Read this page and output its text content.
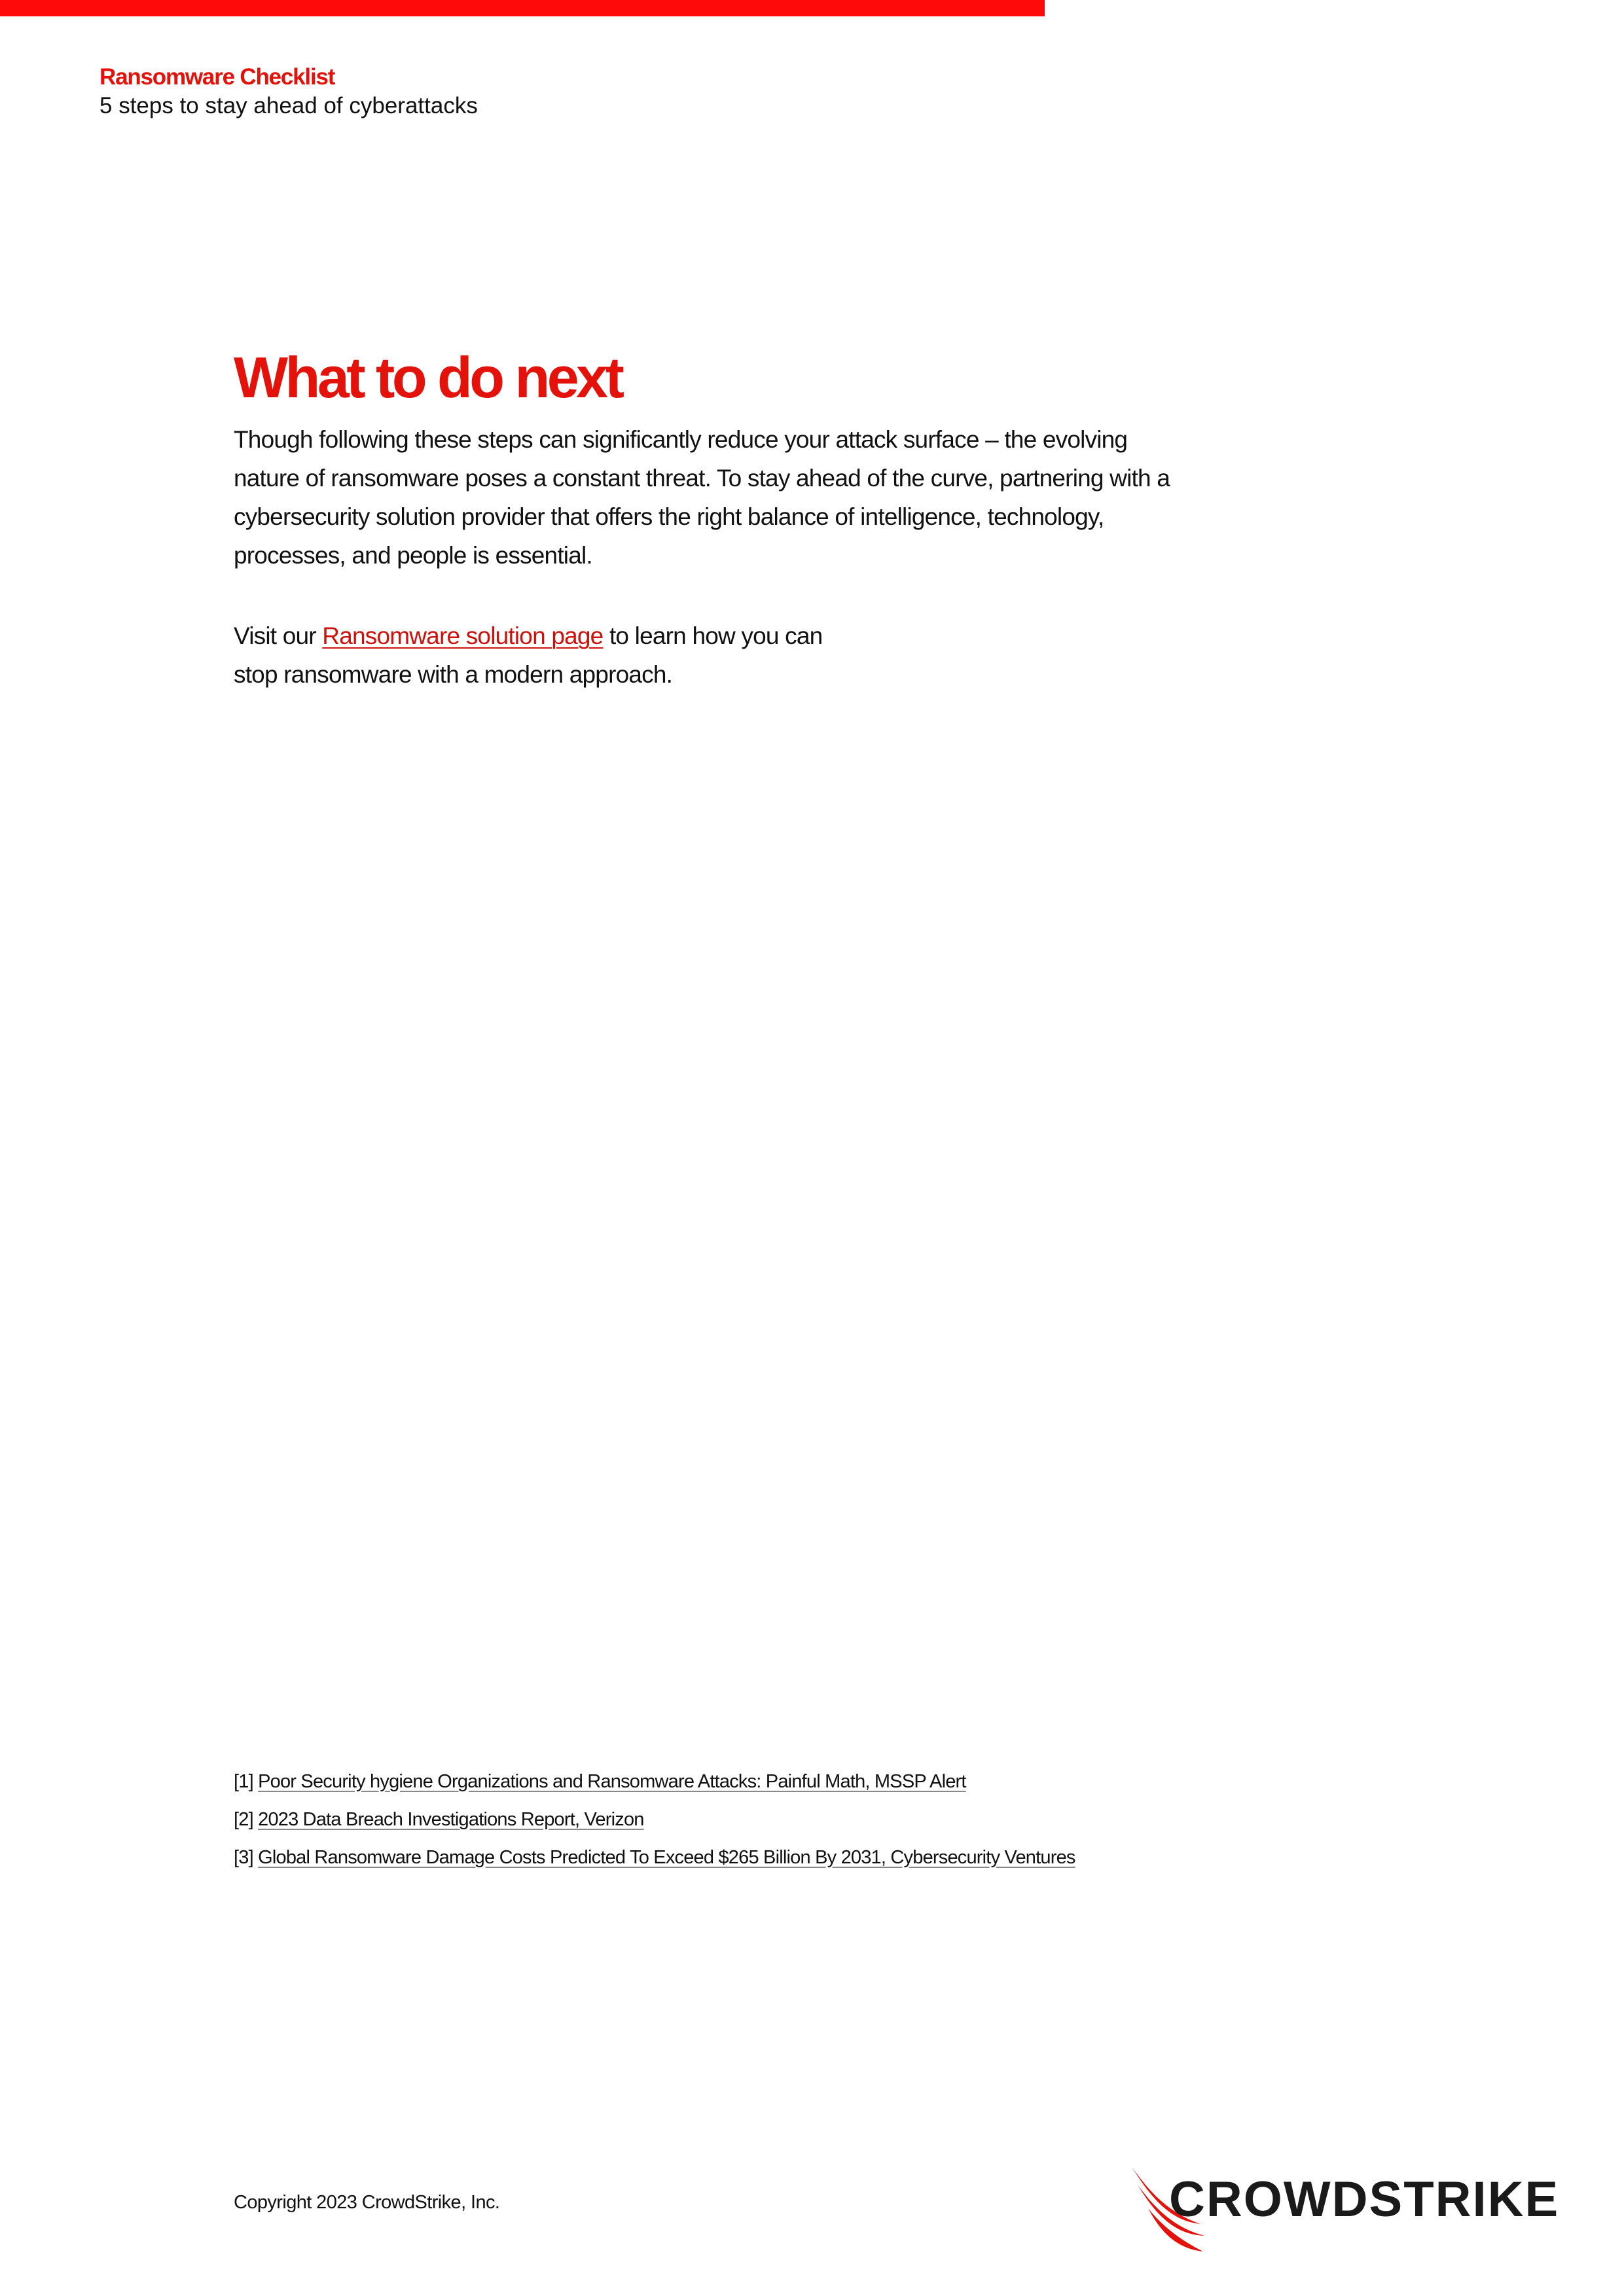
Ransomware Checklist
5 steps to stay ahead of cyberattacks
What to do next

Though following these steps can significantly reduce your attack surface – the evolving nature of ransomware poses a constant threat. To stay ahead of the curve, partnering with a cybersecurity solution provider that offers the right balance of intelligence, technology, processes, and people is essential.

Visit our Ransomware solution page to learn how you can stop ransomware with a modern approach.

[1] Poor Security hygiene Organizations and Ransomware Attacks: Painful Math, MSSP Alert
[2] 2023 Data Breach Investigations Report, Verizon
[3] Global Ransomware Damage Costs Predicted To Exceed $265 Billion By 2031, Cybersecurity Ventures
Copyright 2023 CrowdStrike, Inc.	CROWDSTRIKE
